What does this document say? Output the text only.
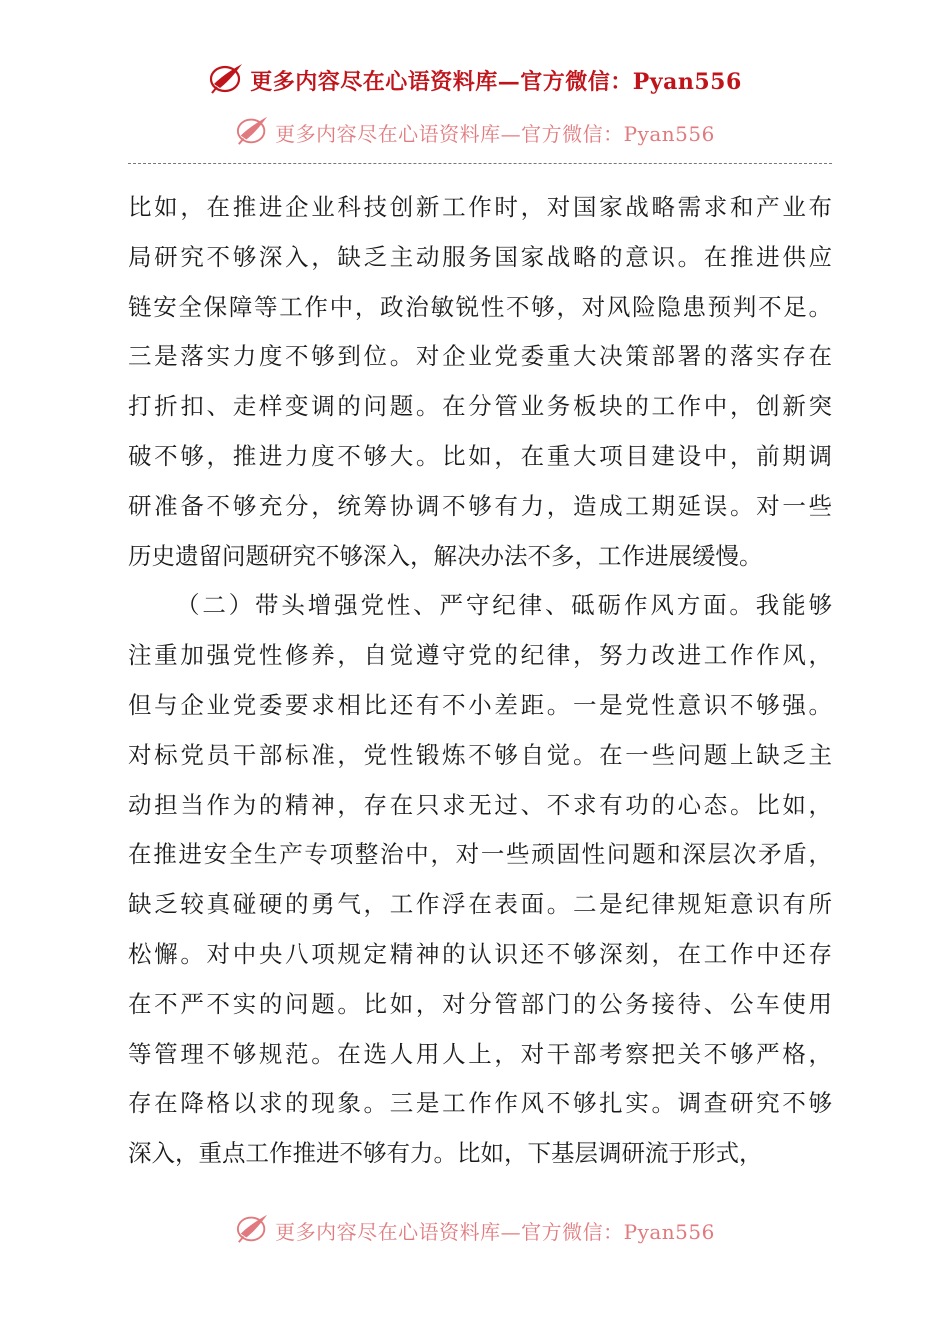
更多内容尽在心语资料库—官方微信：Pyan556
更多内容尽在心语资料库—官方微信：Pyan556
比如，在推进企业科技创新工作时，对国家战略需求和产业布
局研究不够深入，缺乏主动服务国家战略的意识。在推进供应
链安全保障等工作中，政治敏锐性不够，对风险隐患预判不足。
三是落实力度不够到位。对企业党委重大决策部署的落实存在
打折扣、走样变调的问题。在分管业务板块的工作中，创新突
破不够，推进力度不够大。比如，在重大项目建设中，前期调
研准备不够充分，统筹协调不够有力，造成工期延误。对一些
历史遗留问题研究不够深入，解决办法不多，工作进展缓慢。
（二）带头增强党性、严守纪律、砥砺作风方面。我能够
注重加强党性修养，自觉遵守党的纪律，努力改进工作作风，
但与企业党委要求相比还有不小差距。一是党性意识不够强。
对标党员干部标准，党性锻炼不够自觉。在一些问题上缺乏主
动担当作为的精神，存在只求无过、不求有功的心态。比如，
在推进安全生产专项整治中，对一些顽固性问题和深层次矛盾，
缺乏较真碰硬的勇气，工作浮在表面。二是纪律规矩意识有所
松懈。对中央八项规定精神的认识还不够深刻，在工作中还存
在不严不实的问题。比如，对分管部门的公务接待、公车使用
等管理不够规范。在选人用人上，对干部考察把关不够严格，
存在降格以求的现象。三是工作作风不够扎实。调查研究不够
深入，重点工作推进不够有力。比如，下基层调研流于形式，
更多内容尽在心语资料库—官方微信：Pyan556
